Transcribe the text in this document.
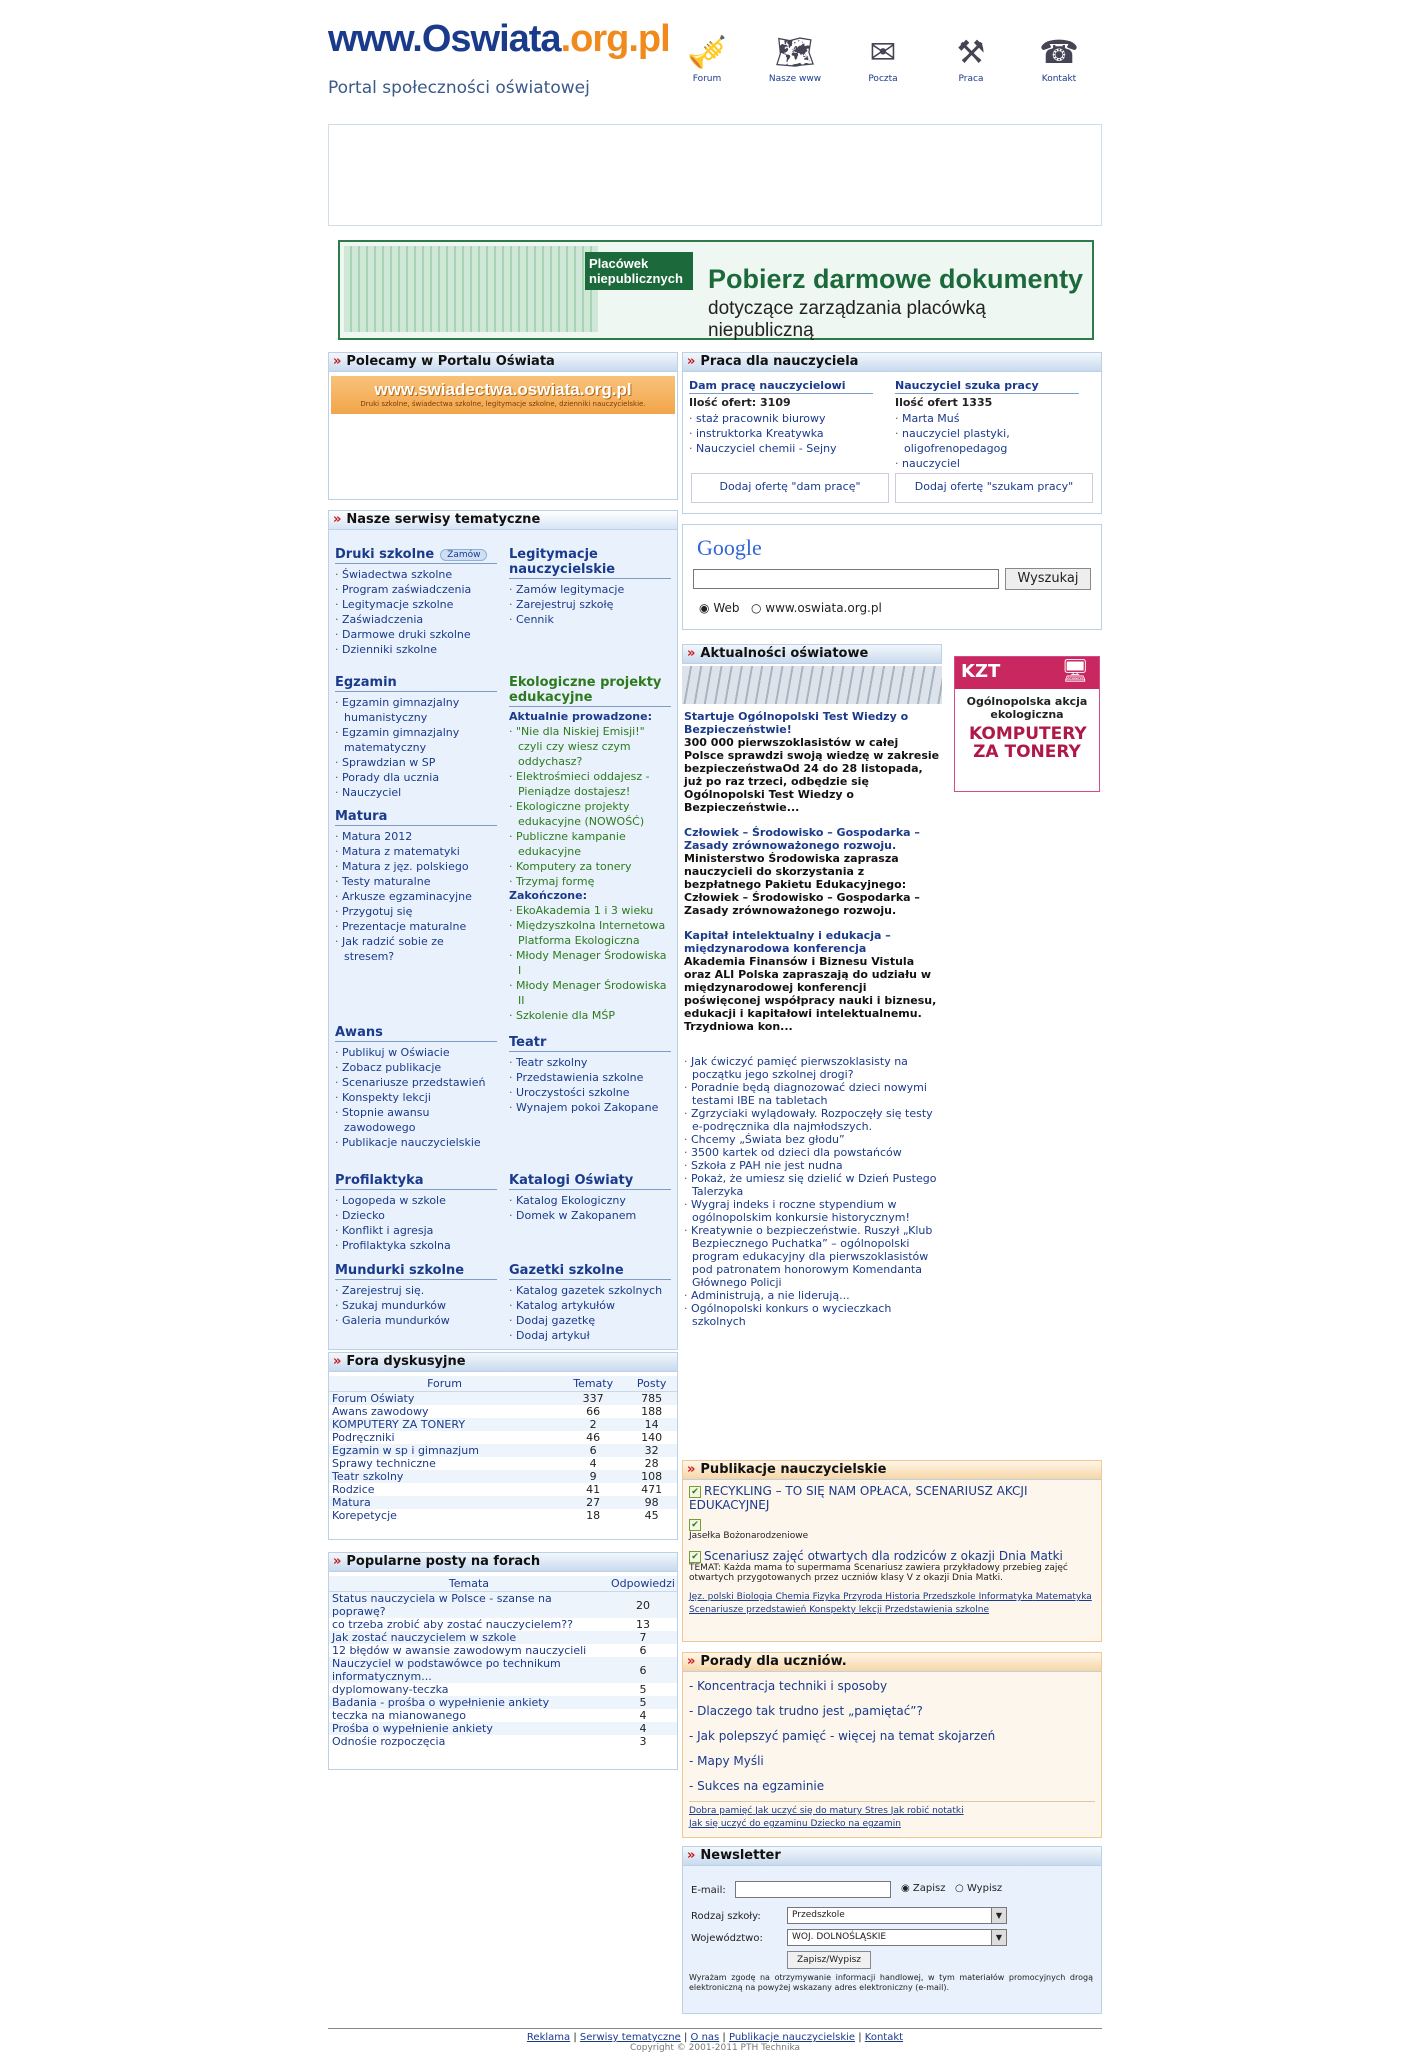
www.Oswiata.org.pl
Portal społeczności oświatowej
🎺
Forum
🗺
Nasze www
✉
Poczta
⚒
Praca
☎
Kontakt
Placówek niepublicznych Pobierz darmowe dokumenty
dotyczące zarządzania placówką niepubliczną
» Polecamy w Portalu Oświata
www.swiadectwa.oswiata.org.pl
Druki szkolne, świadectwa szkolne, legitymacje szkolne, dzienniki nauczycielskie.
» Praca dla nauczyciela
Dam pracę nauczycielowi
Ilość ofert: 3109
· staż pracownik biurowy
· instruktorka Kreatywka
· Nauczyciel chemii - Sejny
Nauczyciel szuka pracy
Ilość ofert 1335
· Marta Muś
· nauczyciel plastyki, oligofrenopedagog
· nauczyciel
Dodaj ofertę "dam pracę"	Dodaj ofertę "szukam pracy"
Google
Wyszukaj
◉ Web ○ www.oswiata.org.pl
» Nasze serwisy tematyczne
Druki szkolne Zamów
· Świadectwa szkolne
· Program zaświadczenia
· Legitymacje szkolne
· Zaświadczenia
· Darmowe druki szkolne
· Dzienniki szkolne
Legitymacje nauczycielskie
· Zamów legitymacje
· Zarejestruj szkołę
· Cennik
Egzamin
· Egzamin gimnazjalny humanistyczny
· Egzamin gimnazjalny matematyczny
· Sprawdzian w SP
· Porady dla ucznia
· Nauczyciel
Ekologiczne projekty edukacyjne
Aktualnie prowadzone:
· "Nie dla Niskiej Emisji!" czyli czy wiesz czym oddychasz?
· Elektrośmieci oddajesz - Pieniądze dostajesz!
· Ekologiczne projekty edukacyjne (NOWOŚĆ)
· Publiczne kampanie edukacyjne
· Komputery za tonery
· Trzymaj formę
Zakończone:
· EkoAkademia 1 i 3 wieku
· Międzyszkolna Internetowa Platforma Ekologiczna
· Młody Menager Środowiska I
· Młody Menager Środowiska II
· Szkolenie dla MŚP
Matura
· Matura 2012
· Matura z matematyki
· Matura z jęz. polskiego
· Testy maturalne
· Arkusze egzaminacyjne
· Przygotuj się
· Prezentacje maturalne
· Jak radzić sobie ze stresem?
Awans
· Publikuj w Oświacie
· Zobacz publikacje
· Scenariusze przedstawień
· Konspekty lekcji
· Stopnie awansu zawodowego
· Publikacje nauczycielskie
Teatr
· Teatr szkolny
· Przedstawienia szkolne
· Uroczystości szkolne
· Wynajem pokoi Zakopane
Profilaktyka
· Logopeda w szkole
· Dziecko
· Konflikt i agresja
· Profilaktyka szkolna
Katalogi Oświaty
· Katalog Ekologiczny
· Domek w Zakopanem
Mundurki szkolne
· Zarejestruj się.
· Szukaj mundurków
· Galeria mundurków
Gazetki szkolne
· Katalog gazetek szkolnych
· Katalog artykułów
· Dodaj gazetkę
· Dodaj artykuł
» Fora dyskusyjne
Forum	Tematy	Posty
Forum Oświaty	337	785
Awans zawodowy	66	188
KOMPUTERY ZA TONERY	2	14
Podręczniki	46	140
Egzamin w sp i gimnazjum	6	32
Sprawy techniczne	4	28
Teatr szkolny	9	108
Rodzice	41	471
Matura	27	98
Korepetycje	18	45
» Popularne posty na forach
Temata	Odpowiedzi
Status nauczyciela w Polsce - szanse na poprawę?	20
co trzeba zrobić aby zostać nauczycielem??	13
Jak zostać nauczycielem w szkole	7
12 błędów w awansie zawodowym nauczycieli	6
Nauczyciel w podstawówce po technikum informatycznym...	6
dyplomowany-teczka	5
Badania - prośba o wypełnienie ankiety	5
teczka na mianowanego	4
Prośba o wypełnienie ankiety	4
Odnośie rozpoczęcia	3
» Aktualności oświatowe
Startuje Ogólnopolski Test Wiedzy o Bezpieczeństwie!
300 000 pierwszoklasistów w całej Polsce sprawdzi swoją wiedzę w zakresie bezpieczeństwaOd 24 do 28 listopada, już po raz trzeci, odbędzie się Ogólnopolski Test Wiedzy o Bezpieczeństwie...
Człowiek – Środowisko – Gospodarka – Zasady zrównoważonego rozwoju.
Ministerstwo Środowiska zaprasza nauczycieli do skorzystania z bezpłatnego Pakietu Edukacyjnego: Człowiek – Środowisko – Gospodarka – Zasady zrównoważonego rozwoju.
Kapitał intelektualny i edukacja – międzynarodowa konferencja
Akademia Finansów i Biznesu Vistula oraz ALI Polska zapraszają do udziału w międzynarodowej konferencji poświęconej współpracy nauki i biznesu, edukacji i kapitałowi intelektualnemu. Trzydniowa kon...
· Jak ćwiczyć pamięć pierwszoklasisty na początku jego szkolnej drogi?
· Poradnie będą diagnozować dzieci nowymi testami IBE na tabletach
· Zgrzyciaki wylądowały. Rozpoczęły się testy e-podręcznika dla najmłodszych.
· Chcemy „Świata bez głodu”
· 3500 kartek od dzieci dla powstańców
· Szkoła z PAH nie jest nudna
· Pokaż, że umiesz się dzielić w Dzień Pustego Talerzyka
· Wygraj indeks i roczne stypendium w ogólnopolskim konkursie historycznym!
· Kreatywnie o bezpieczeństwie. Ruszył „Klub Bezpiecznego Puchatka” – ogólnopolski program edukacyjny dla pierwszoklasistów pod patronatem honorowym Komendanta Głównego Policji
· Administrują, a nie liderują...
· Ogólnopolski konkurs o wycieczkach szkolnych
KZT	🖥
Ogólnopolska akcja ekologiczna
KOMPUTERY ZA TONERY
» Publikacje nauczycielskie
✔ RECYKLING – TO SIĘ NAM OPŁACA, SCENARIUSZ AKCJI EDUKACYJNEJ
✔
Jasełka Bożonarodzeniowe
✔ Scenariusz zajęć otwartych dla rodziców z okazji Dnia Matki
TEMAT: Każda mama to supermama Scenariusz zawiera przykładowy przebieg zajęć otwartych przygotowanych przez uczniów klasy V z okazji Dnia Matki.
Jęz. polski Biologia Chemia Fizyka Przyroda Historia Przedszkole Informatyka Matematyka Scenariusze przedstawień Konspekty lekcji Przedstawienia szkolne
» Porady dla uczniów.
- Koncentracja techniki i sposoby
- Dlaczego tak trudno jest „pamiętać”?
- Jak polepszyć pamięć - więcej na temat skojarzeń
- Mapy Myśli
- Sukces na egzaminie
Dobra pamięć Jak uczyć się do matury Stres Jak robić notatki
Jak się uczyć do egzaminu Dziecko na egzamin
» Newsletter
E-mail:	◉ Zapisz ○ Wypisz
Rodzaj szkoły:	Przedszkole	▼
Województwo:	WOJ. DOLNOŚLĄSKIE	▼
Zapisz/Wypisz
Wyrażam zgodę na otrzymywanie informacji handlowej, w tym materiałów promocyjnych drogą elektroniczną na powyżej wskazany adres elektroniczny (e-mail).
Reklama | Serwisy tematyczne | O nas | Publikacje nauczycielskie | Kontakt
Copyright © 2001-2011 PTH Technika
